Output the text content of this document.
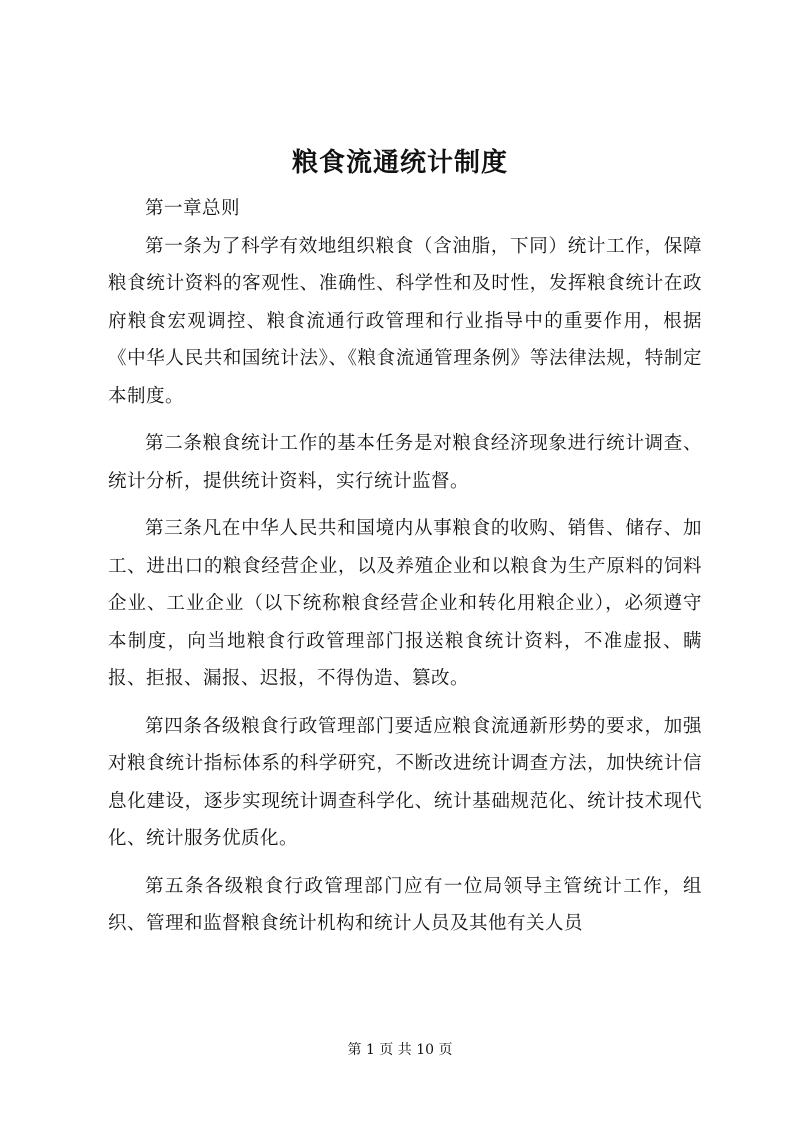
粮食流通统计制度

第一章总则

第一条为了科学有效地组织粮食（含油脂，下同）统计工作，保障粮食统计资料的客观性、准确性、科学性和及时性，发挥粮食统计在政府粮食宏观调控、粮食流通行政管理和行业指导中的重要作用，根据《中华人民共和国统计法》、《粮食流通管理条例》等法律法规，特制定本制度。

第二条粮食统计工作的基本任务是对粮食经济现象进行统计调查、统计分析，提供统计资料，实行统计监督。

第三条凡在中华人民共和国境内从事粮食的收购、销售、储存、加工、进出口的粮食经营企业，以及养殖企业和以粮食为生产原料的饲料企业、工业企业（以下统称粮食经营企业和转化用粮企业），必须遵守本制度，向当地粮食行政管理部门报送粮食统计资料，不准虚报、瞒报、拒报、漏报、迟报，不得伪造、篡改。

第四条各级粮食行政管理部门要适应粮食流通新形势的要求，加强对粮食统计指标体系的科学研究，不断改进统计调查方法，加快统计信息化建设，逐步实现统计调查科学化、统计基础规范化、统计技术现代化、统计服务优质化。

第五条各级粮食行政管理部门应有一位局领导主管统计工作，组织、管理和监督粮食统计机构和统计人员及其他有关人员

第 1 页 共 10 页
